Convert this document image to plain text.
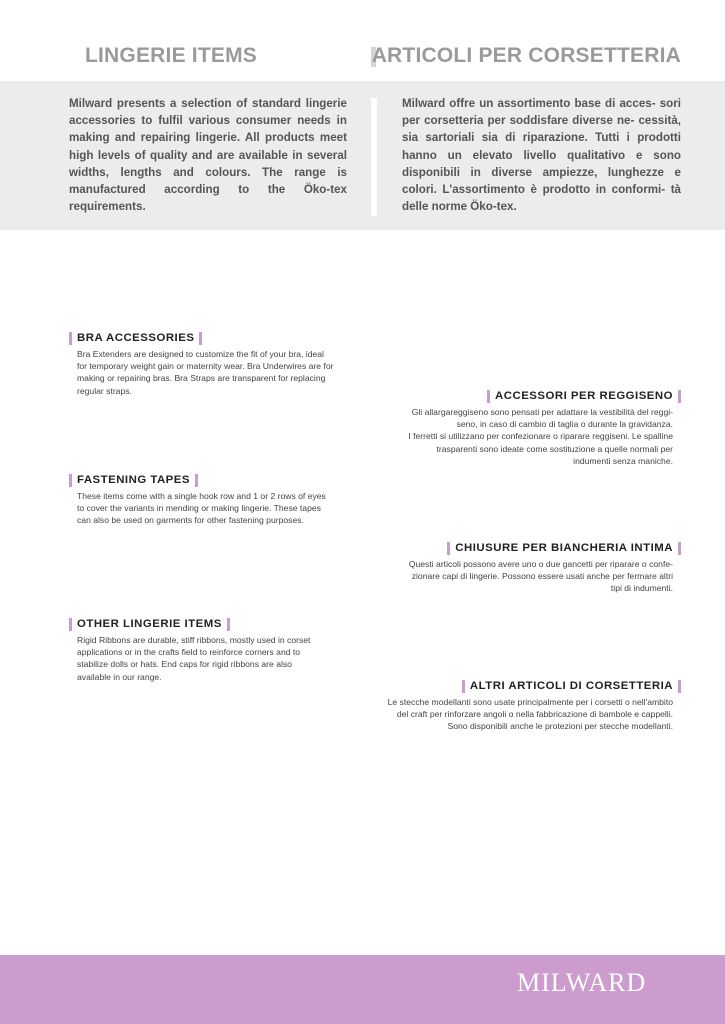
LINGERIE ITEMS	ARTICOLI PER CORSETTERIA

Milward presents a selection of standard lingerie accessories to fulfil various consumer needs in making and repairing lingerie. All products meet high levels of quality and are available in several widths, lengths and colours. The range is manufactured according to the Öko-tex requirements.

Milward offre un assortimento base di acces- sori per corsetteria per soddisfare diverse ne- cessità, sia sartoriali sia di riparazione. Tutti i prodotti hanno un elevato livello qualitativo e sono disponibili in diverse ampiezze, lunghezze e colori. L'assortimento è prodotto in conformi- tà delle norme Öko-tex.

BRA ACCESSORIES
Bra Extenders are designed to customize the fit of your bra, ideal
for temporary weight gain or maternity wear. Bra Underwires are for
making or repairing bras. Bra Straps are transparent for replacing
regular straps.
FASTENING TAPES
These items come with a single hook row and 1 or 2 rows of eyes
to cover the variants in mending or making lingerie. These tapes
can also be used on garments for other fastening purposes.
OTHER LINGERIE ITEMS
Rigid Ribbons are durable, stiff ribbons, mostly used in corset
applications or in the crafts field to reinforce corners and to
stabilize dolls or hats. End caps for rigid ribbons are also
available in our range.
ACCESSORI PER REGGISENO
Gli allargareggiseno sono pensati per adattare la vestibilità del reggi-
seno, in caso di cambio di taglia o durante la gravidanza.
I ferretti si utilizzano per confezionare o riparare reggiseni. Le spalline
trasparenti sono ideate come sostituzione a quelle normali per
indumenti senza maniche.
CHIUSURE PER BIANCHERIA INTIMA
Questi articoli possono avere uno o due gancetti per riparare o confe-
zionare capi di lingerie. Possono essere usati anche per fermare altri
tipi di indumenti.
ALTRI ARTICOLI DI CORSETTERIA
Le stecche modellanti sono usate principalmente per i corsetti o nell'ambito
del craft per rinforzare angoli o nella fabbricazione di bambole e cappelli.
Sono disponibili anche le protezioni per stecche modellanti.
MILWARD
